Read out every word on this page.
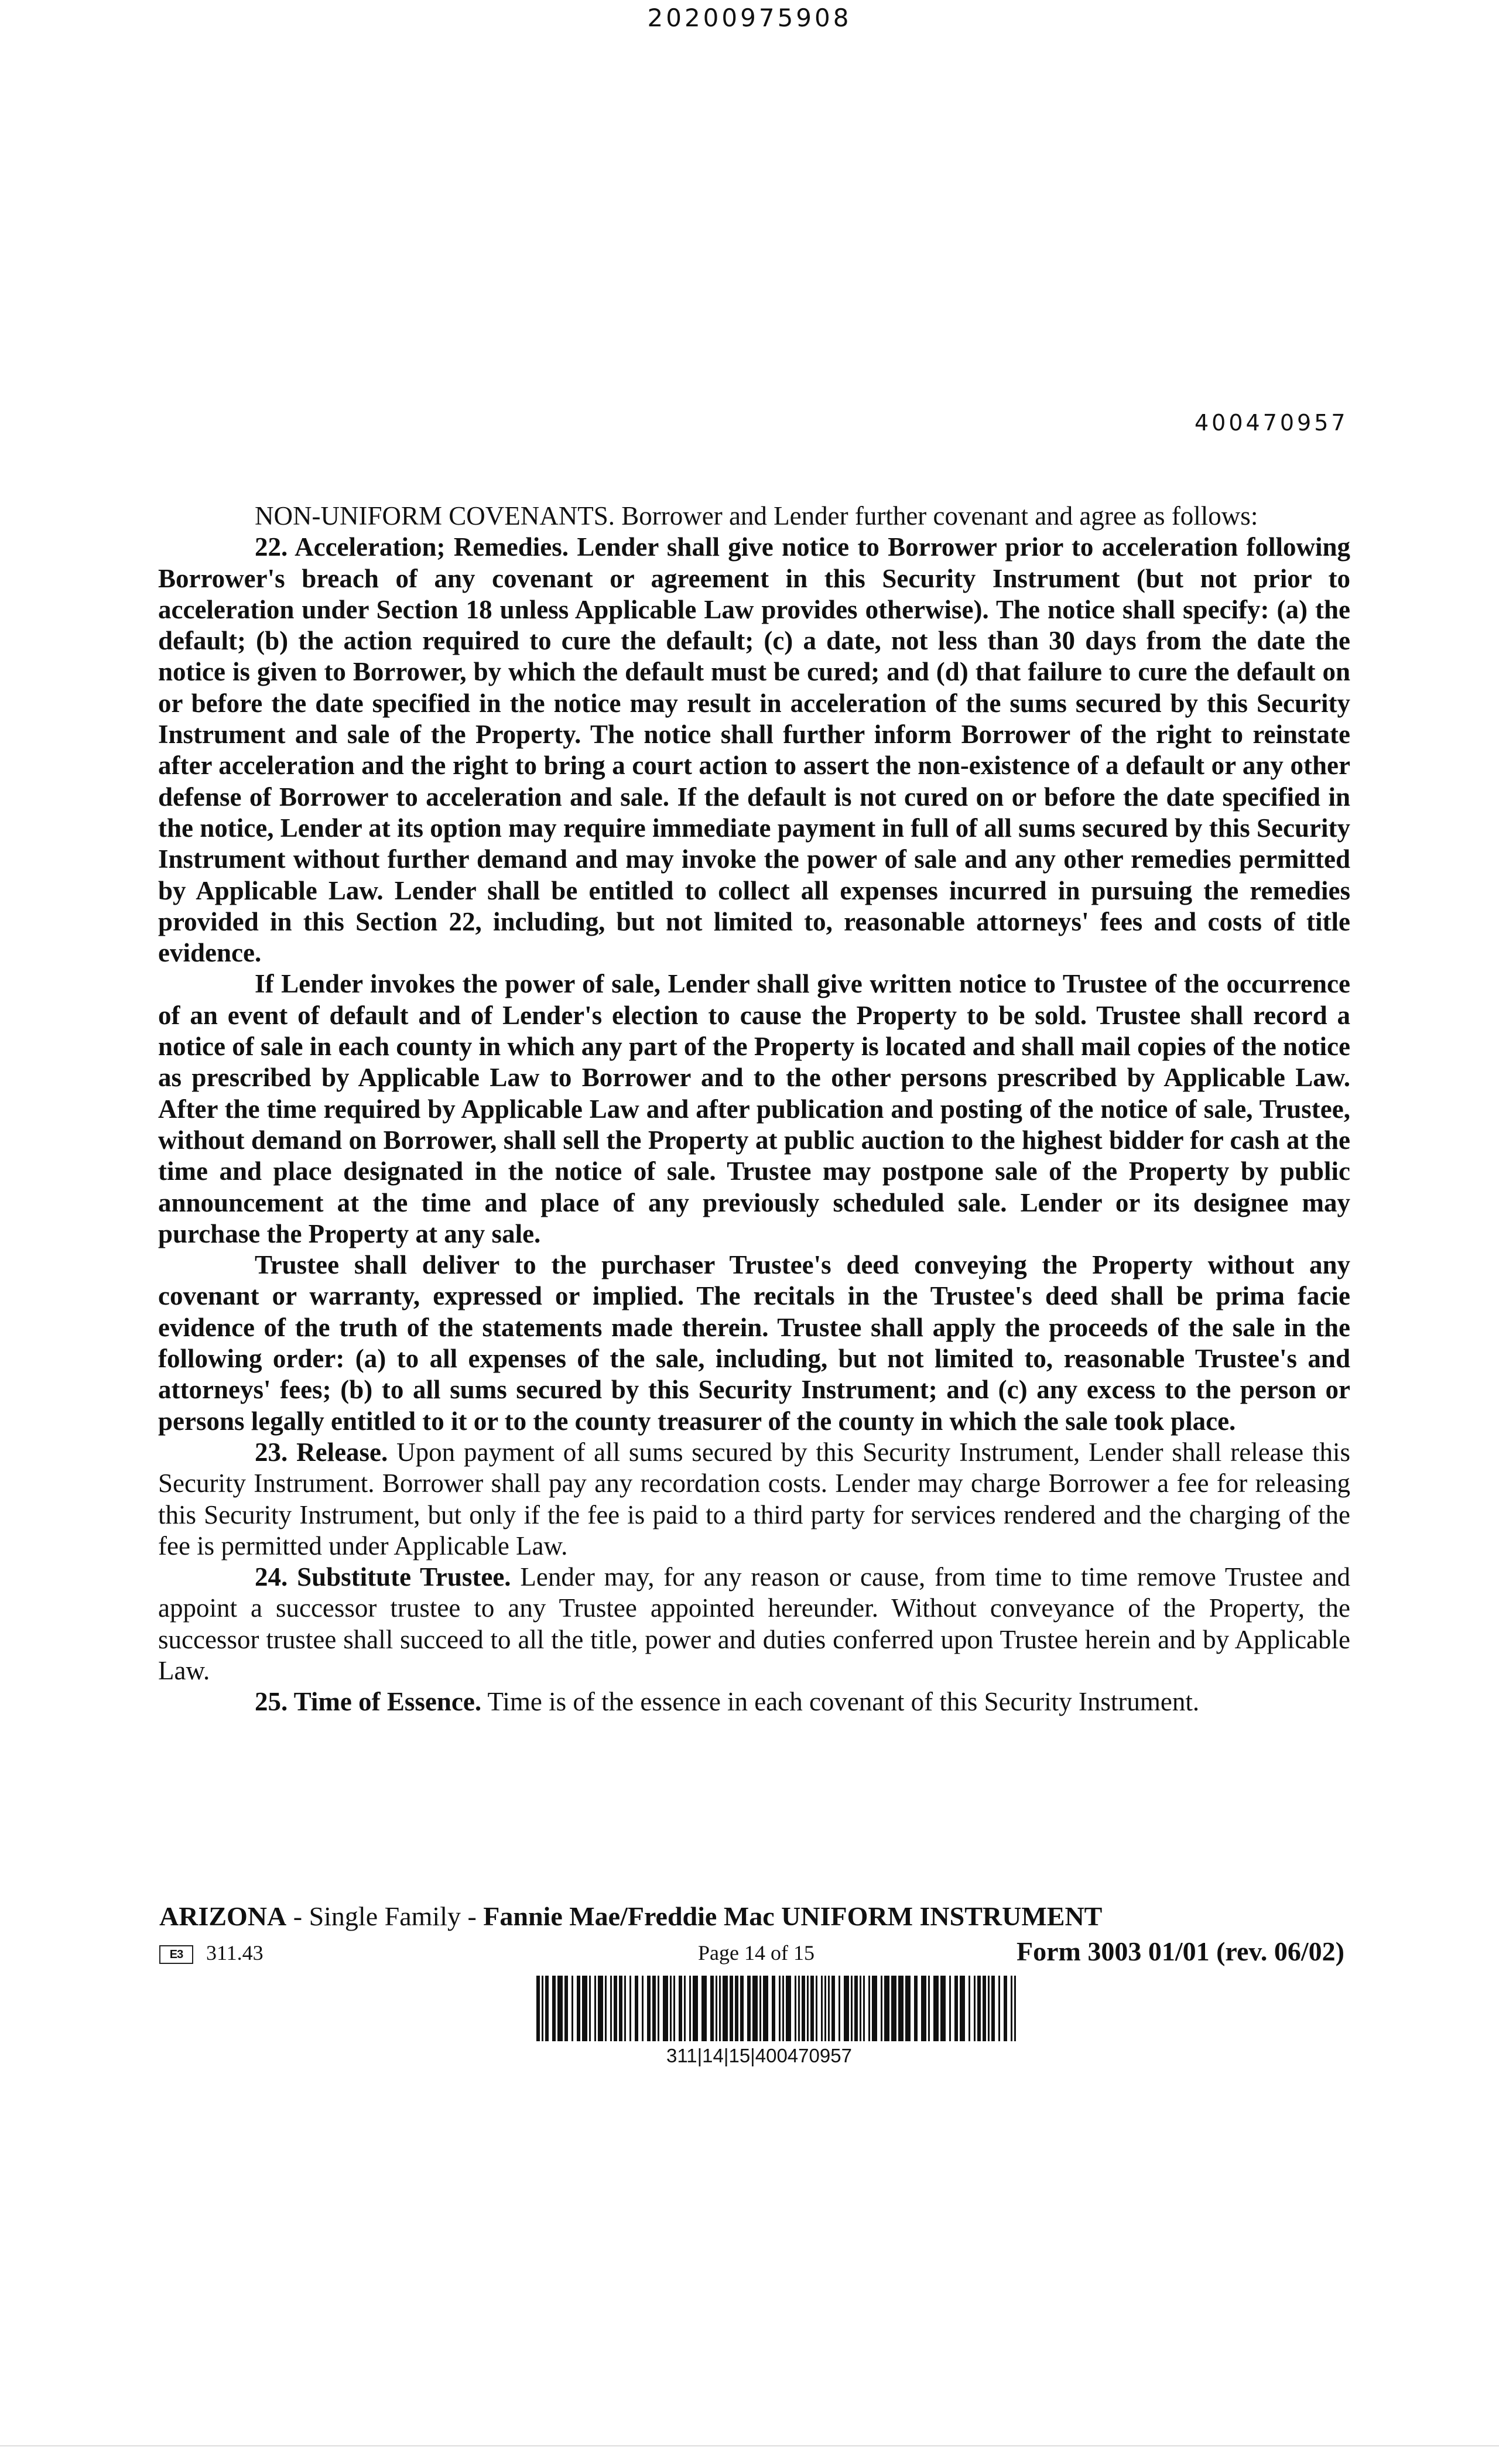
20200975908
400470957

NON-UNIFORM COVENANTS. Borrower and Lender further covenant and agree as follows:

22. Acceleration; Remedies. Lender shall give notice to Borrower prior to acceleration following Borrower's breach of any covenant or agreement in this Security Instrument (but not prior to acceleration under Section 18 unless Applicable Law provides otherwise). The notice shall specify: (a) the default; (b) the action required to cure the default; (c) a date, not less than 30 days from the date the notice is given to Borrower, by which the default must be cured; and (d) that failure to cure the default on or before the date specified in the notice may result in acceleration of the sums secured by this Security Instrument and sale of the Property. The notice shall further inform Borrower of the right to reinstate after acceleration and the right to bring a court action to assert the non-existence of a default or any other defense of Borrower to acceleration and sale. If the default is not cured on or before the date specified in the notice, Lender at its option may require immediate payment in full of all sums secured by this Security Instrument without further demand and may invoke the power of sale and any other remedies permitted by Applicable Law. Lender shall be entitled to collect all expenses incurred in pursuing the remedies provided in this Section 22, including, but not limited to, reasonable attorneys' fees and costs of title evidence.

If Lender invokes the power of sale, Lender shall give written notice to Trustee of the occurrence of an event of default and of Lender's election to cause the Property to be sold. Trustee shall record a notice of sale in each county in which any part of the Property is located and shall mail copies of the notice as prescribed by Applicable Law to Borrower and to the other persons prescribed by Applicable Law. After the time required by Applicable Law and after publication and posting of the notice of sale, Trustee, without demand on Borrower, shall sell the Property at public auction to the highest bidder for cash at the time and place designated in the notice of sale. Trustee may postpone sale of the Property by public announcement at the time and place of any previously scheduled sale. Lender or its designee may purchase the Property at any sale.

Trustee shall deliver to the purchaser Trustee's deed conveying the Property without any covenant or warranty, expressed or implied. The recitals in the Trustee's deed shall be prima facie evidence of the truth of the statements made therein. Trustee shall apply the proceeds of the sale in the following order: (a) to all expenses of the sale, including, but not limited to, reasonable Trustee's and attorneys' fees; (b) to all sums secured by this Security Instrument; and (c) any excess to the person or persons legally entitled to it or to the county treasurer of the county in which the sale took place.

23. Release. Upon payment of all sums secured by this Security Instrument, Lender shall release this Security Instrument. Borrower shall pay any recordation costs. Lender may charge Borrower a fee for releasing this Security Instrument, but only if the fee is paid to a third party for services rendered and the charging of the fee is permitted under Applicable Law.

24. Substitute Trustee. Lender may, for any reason or cause, from time to time remove Trustee and appoint a successor trustee to any Trustee appointed hereunder. Without conveyance of the Property, the successor trustee shall succeed to all the title, power and duties conferred upon Trustee herein and by Applicable Law.

25. Time of Essence. Time is of the essence in each covenant of this Security Instrument.

ARIZONA - Single Family - Fannie Mae/Freddie Mac UNIFORM INSTRUMENT
E3	311.43	Page 14 of 15	Form 3003 01/01 (rev. 06/02)
311|14|15|400470957
